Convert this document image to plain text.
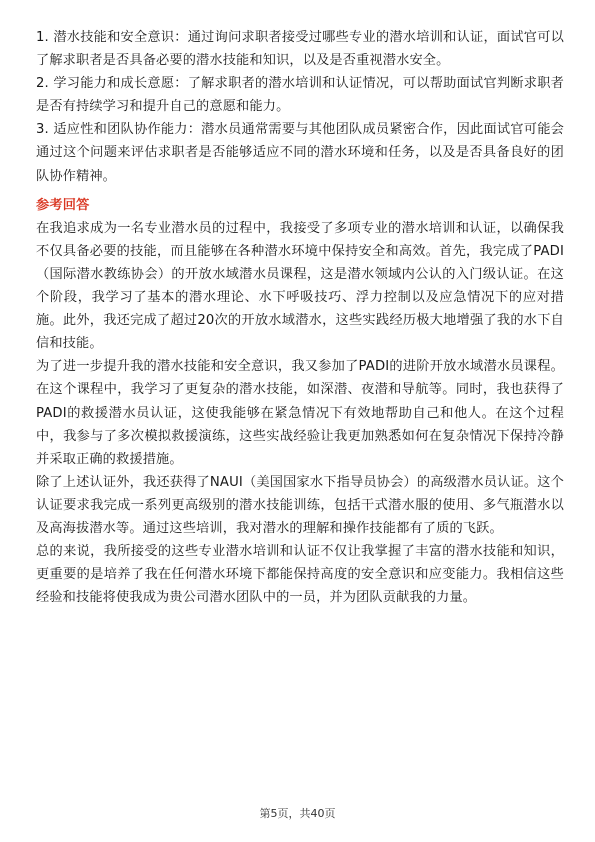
1. 潜水技能和安全意识：通过询问求职者接受过哪些专业的潜水培训和认证，面试官可以了解求职者是否具备必要的潜水技能和知识，以及是否重视潜水安全。

2. 学习能力和成长意愿：了解求职者的潜水培训和认证情况，可以帮助面试官判断求职者是否有持续学习和提升自己的意愿和能力。

3. 适应性和团队协作能力：潜水员通常需要与其他团队成员紧密合作，因此面试官可能会通过这个问题来评估求职者是否能够适应不同的潜水环境和任务，以及是否具备良好的团队协作精神。

参考回答

在我追求成为一名专业潜水员的过程中，我接受了多项专业的潜水培训和认证，以确保我不仅具备必要的技能，而且能够在各种潜水环境中保持安全和高效。首先，我完成了PADI（国际潜水教练协会）的开放水域潜水员课程，这是潜水领域内公认的入门级认证。在这个阶段，我学习了基本的潜水理论、水下呼吸技巧、浮力控制以及应急情况下的应对措施。此外，我还完成了超过20次的开放水域潜水，这些实践经历极大地增强了我的水下自信和技能。

为了进一步提升我的潜水技能和安全意识，我又参加了PADI的进阶开放水域潜水员课程。在这个课程中，我学习了更复杂的潜水技能，如深潜、夜潜和导航等。同时，我也获得了PADI的救援潜水员认证，这使我能够在紧急情况下有效地帮助自己和他人。在这个过程中，我参与了多次模拟救援演练，这些实战经验让我更加熟悉如何在复杂情况下保持冷静并采取正确的救援措施。

除了上述认证外，我还获得了NAUI（美国国家水下指导员协会）的高级潜水员认证。这个认证要求我完成一系列更高级别的潜水技能训练，包括干式潜水服的使用、多气瓶潜水以及高海拔潜水等。通过这些培训，我对潜水的理解和操作技能都有了质的飞跃。

总的来说，我所接受的这些专业潜水培训和认证不仅让我掌握了丰富的潜水技能和知识，更重要的是培养了我在任何潜水环境下都能保持高度的安全意识和应变能力。我相信这些经验和技能将使我成为贵公司潜水团队中的一员，并为团队贡献我的力量。

第5页，共40页
